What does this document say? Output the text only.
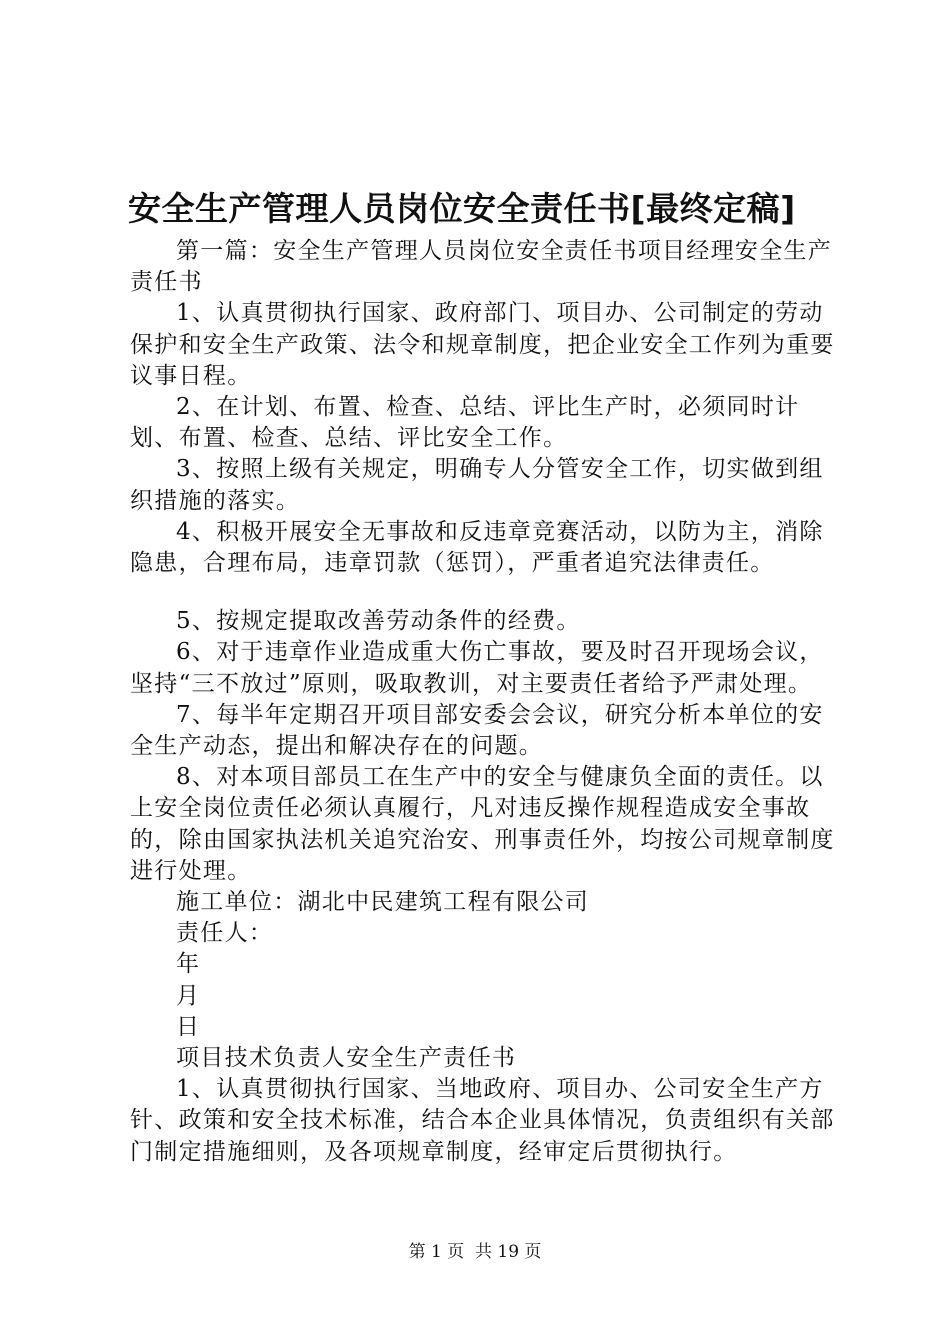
安全生产管理人员岗位安全责任书[最终定稿]

第一篇：安全生产管理人员岗位安全责任书项目经理安全生产责任书

1、认真贯彻执行国家、政府部门、项目办、公司制定的劳动保护和安全生产政策、法令和规章制度，把企业安全工作列为重要议事日程。

2、在计划、布置、检查、总结、评比生产时，必须同时计划、布置、检查、总结、评比安全工作。

3、按照上级有关规定，明确专人分管安全工作，切实做到组织措施的落实。

4、积极开展安全无事故和反违章竞赛活动，以防为主，消除隐患，合理布局，违章罚款（惩罚），严重者追究法律责任。

5、按规定提取改善劳动条件的经费。

6、对于违章作业造成重大伤亡事故，要及时召开现场会议，坚持“三不放过”原则，吸取教训，对主要责任者给予严肃处理。

7、每半年定期召开项目部安委会会议，研究分析本单位的安全生产动态，提出和解决存在的问题。

8、对本项目部员工在生产中的安全与健康负全面的责任。以上安全岗位责任必须认真履行，凡对违反操作规程造成安全事故的，除由国家执法机关追究治安、刑事责任外，均按公司规章制度进行处理。

施工单位：湖北中民建筑工程有限公司

责任人：

年

月

日

项目技术负责人安全生产责任书

1、认真贯彻执行国家、当地政府、项目办、公司安全生产方针、政策和安全技术标准，结合本企业具体情况，负责组织有关部门制定措施细则，及各项规章制度，经审定后贯彻执行。

第 1 页  共 19 页
